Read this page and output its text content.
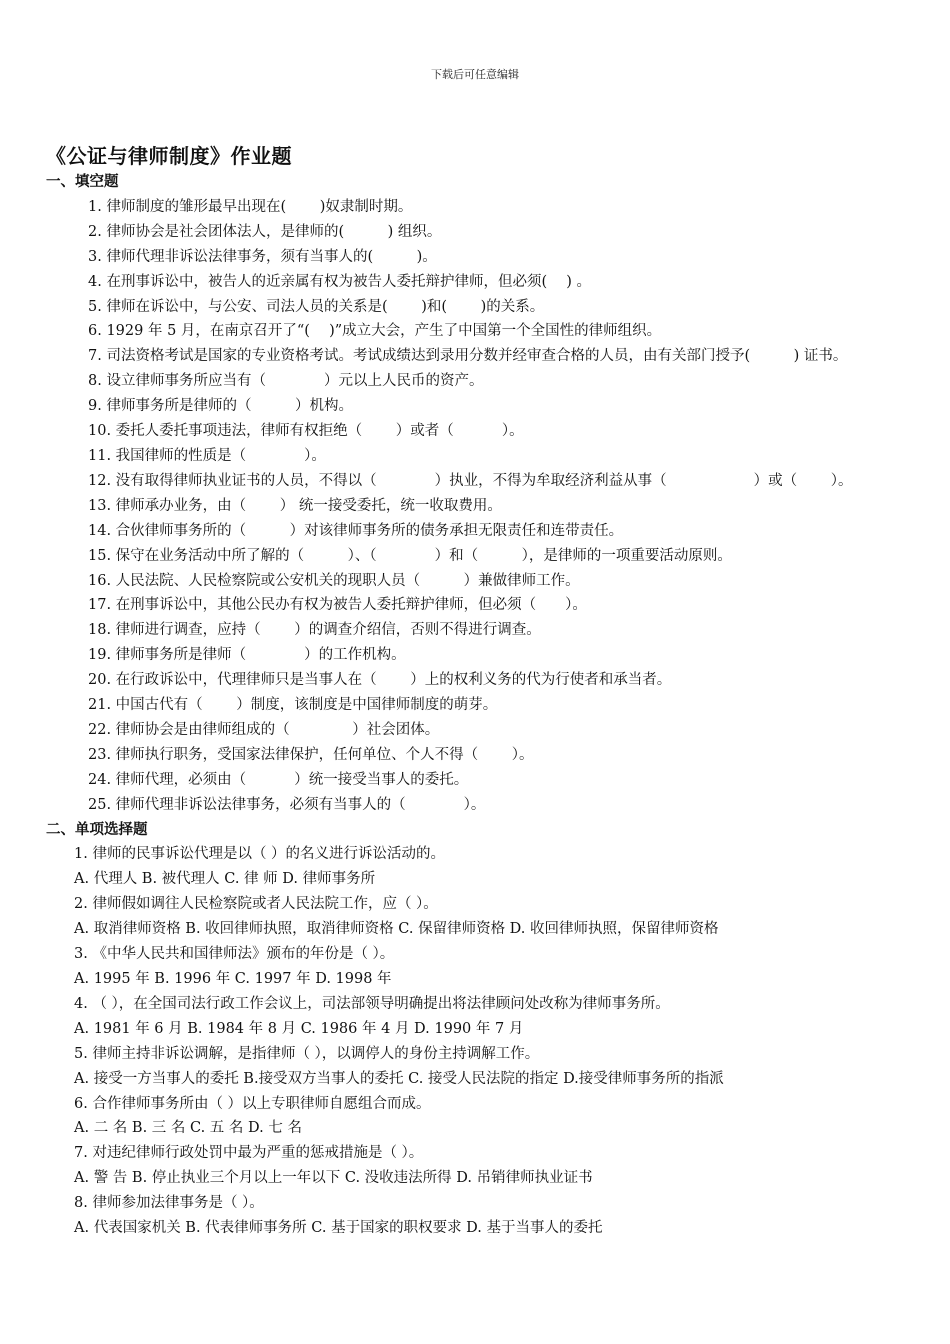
下载后可任意编辑
《公证与律师制度》作业题
一、填空题
1. 律师制度的雏形最早出现在(　　 )奴隶制时期。
2. 律师协会是社会团体法人，是律师的(　　　) 组织。
3. 律师代理非诉讼法律事务，须有当事人的(　　　)。
4. 在刑事诉讼中，被告人的近亲属有权为被告人委托辩护律师，但必须(　 ) 。
5. 律师在诉讼中，与公安、司法人员的关系是(　　 )和(　　 )的关系。
6. 1929 年 5 月，在南京召开了“(　 )”成立大会，产生了中国第一个全国性的律师组织。
7. 司法资格考试是国家的专业资格考试。考试成绩达到录用分数并经审查合格的人员，由有关部门授予(　　　) 证书。
8. 设立律师事务所应当有（　　　　）元以上人民币的资产。
9. 律师事务所是律师的（　　　）机构。
10. 委托人委托事项违法，律师有权拒绝（　　 ）或者（　　　 ）。
11. 我国律师的性质是（　　　　）。
12. 没有取得律师执业证书的人员，不得以（　　　　）执业，不得为牟取经济利益从事（　　　　　　）或（　　 ）。
13. 律师承办业务，由（　　 ） 统一接受委托，统一收取费用。
14. 合伙律师事务所的（　　　）对该律师事务所的债务承担无限责任和连带责任。
15. 保守在业务活动中所了解的（　　　）、（　　　　）和（　　　），是律师的一项重要活动原则。
16. 人民法院、人民检察院或公安机关的现职人员（　　　）兼做律师工作。
17. 在刑事诉讼中，其他公民办有权为被告人委托辩护律师，但必须（　　）。
18. 律师进行调查，应持（　　 ）的调查介绍信，否则不得进行调查。
19. 律师事务所是律师（　　　　）的工作机构。
20. 在行政诉讼中，代理律师只是当事人在（　　 ）上的权利义务的代为行使者和承当者。
21. 中国古代有（　　 ）制度，该制度是中国律师制度的萌芽。
22. 律师协会是由律师组成的（　　　　 ）社会团体。
23. 律师执行职务，受国家法律保护，任何单位、个人不得（　　 ）。
24. 律师代理，必须由（　　　 ）统一接受当事人的委托。
25. 律师代理非诉讼法律事务，必须有当事人的（　　　　）。
二、单项选择题
1. 律师的民事诉讼代理是以（ ）的名义进行诉讼活动的。
A. 代理人 B. 被代理人 C. 律 师 D. 律师事务所
2. 律师假如调往人民检察院或者人民法院工作，应（ ）。
A. 取消律师资格 B. 收回律师执照，取消律师资格 C. 保留律师资格 D. 收回律师执照，保留律师资格
3. 《中华人民共和国律师法》颁布的年份是（ ）。
A. 1995 年 B. 1996 年 C. 1997 年 D. 1998 年
4. （ ），在全国司法行政工作会议上，司法部领导明确提出将法律顾问处改称为律师事务所。
A. 1981 年 6 月 B. 1984 年 8 月 C. 1986 年 4 月 D. 1990 年 7 月
5. 律师主持非诉讼调解，是指律师（ ），以调停人的身份主持调解工作。
A. 接受一方当事人的委托 B.接受双方当事人的委托 C. 接受人民法院的指定 D.接受律师事务所的指派
6. 合作律师事务所由（ ）以上专职律师自愿组合而成。
A. 二 名 B. 三 名 C. 五 名 D. 七 名
7. 对违纪律师行政处罚中最为严重的惩戒措施是（ ）。
A. 警 告 B. 停止执业三个月以上一年以下 C. 没收违法所得 D. 吊销律师执业证书
8. 律师参加法律事务是（ ）。
A. 代表国家机关 B. 代表律师事务所 C. 基于国家的职权要求 D. 基于当事人的委托
